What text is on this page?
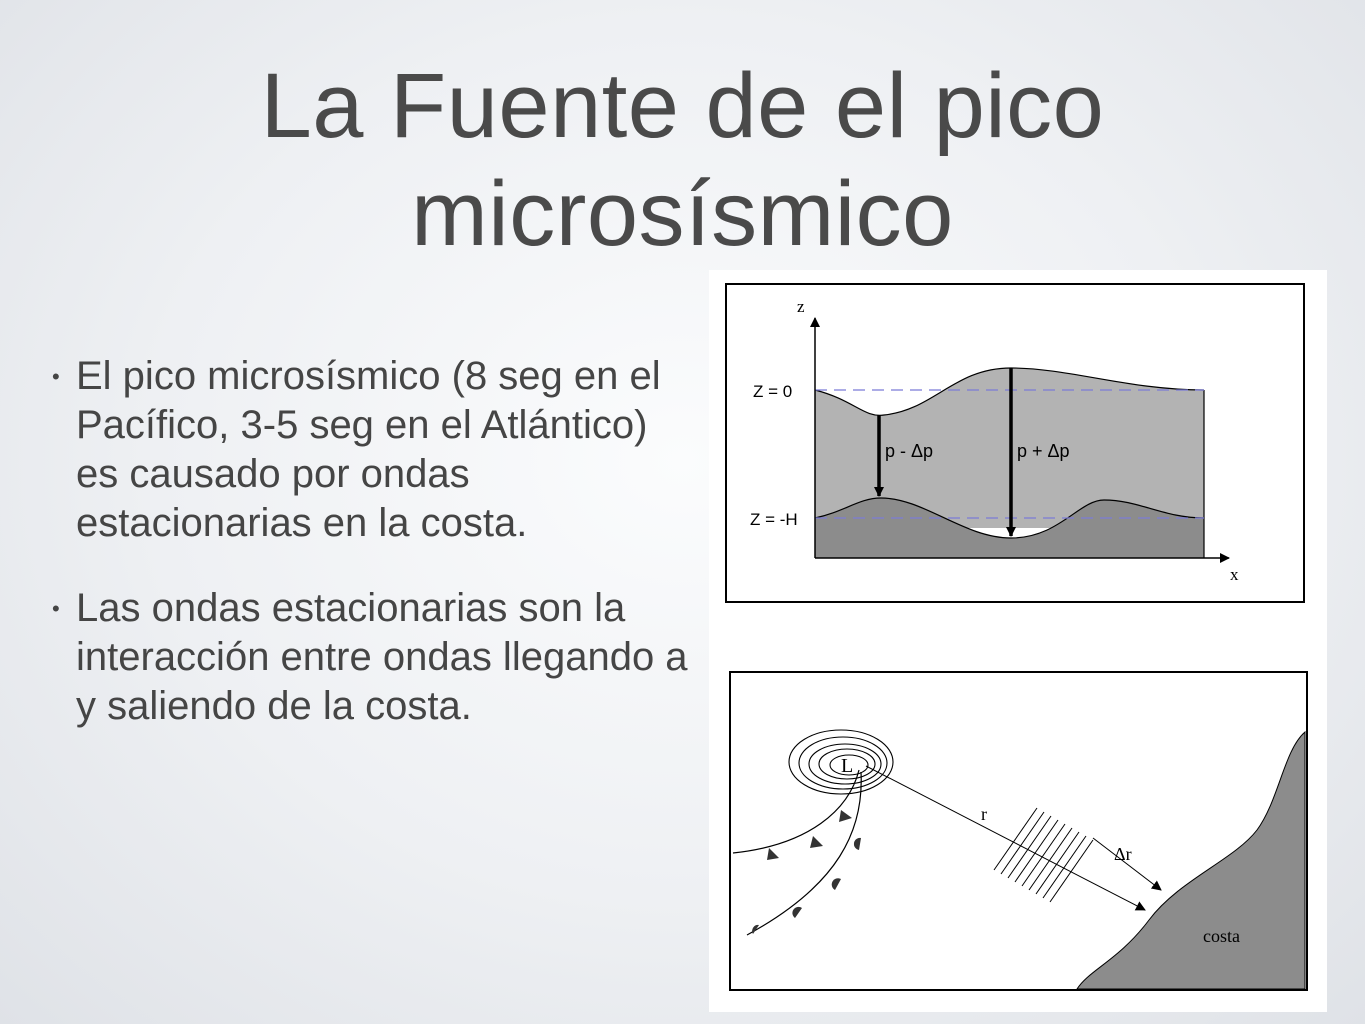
La Fuente de el pico
microsísmico
• El pico microsísmico (8 seg en el Pacífico, 3-5 seg en el Atlántico) es causado por ondas estacionarias en la costa.
• Las ondas estacionarias son la interacción entre ondas llegando a y saliendo de la costa.
z
x
Z = 0
Z = -H
p - Δp	p + Δp
L
r
Δr
costa
